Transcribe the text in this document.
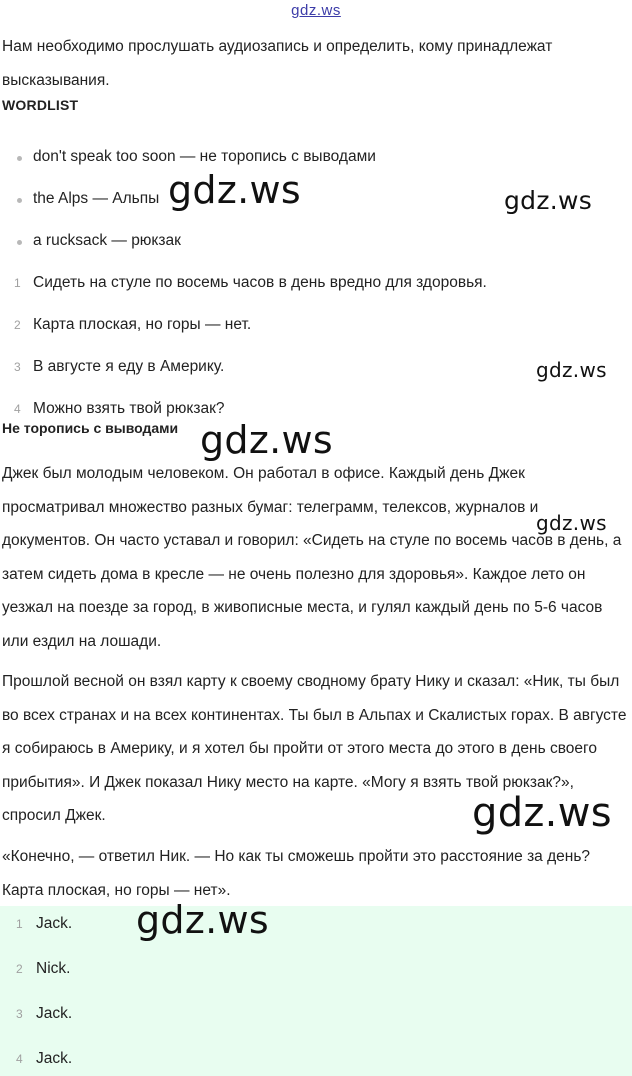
gdz.ws
Нам необходимо прослушать аудиозапись и определить, кому принадлежат высказывания.
WORDLIST
don't speak too soon — не торопись с выводами
the Alps — Альпы
a rucksack — рюкзак
1 Сидеть на стуле по восемь часов в день вредно для здоровья.
2 Карта плоская, но горы — нет.
3 В августе я еду в Америку.
4 Можно взять твой рюкзак?
Не торопись с выводами

Джек был молодым человеком. Он работал в офисе. Каждый день Джек просматривал множество разных бумаг: телеграмм, телексов, журналов и документов. Он часто уставал и говорил: «Сидеть на стуле по восемь часов в день, а затем сидеть дома в кресле — не очень полезно для здоровья». Каждое лето он уезжал на поезде за город, в живописные места, и гулял каждый день по 5-6 часов или ездил на лошади.

Прошлой весной он взял карту к своему сводному брату Нику и сказал: «Ник, ты был во всех странах и на всех континентах. Ты был в Альпах и Скалистых горах. В августе я собираюсь в Америку, и я хотел бы пройти от этого места до этого в день своего прибытия». И Джек показал Нику место на карте. «Могу я взять твой рюкзак?», спросил Джек.

«Конечно, — ответил Ник. — Но как ты сможешь пройти это расстояние за день? Карта плоская, но горы — нет».

1 Jack.
2 Nick.
3 Jack.
4 Jack.
gdz.ws	gdz.ws
gdz.ws
gdz.ws
gdz.ws
gdz.ws
gdz.ws
